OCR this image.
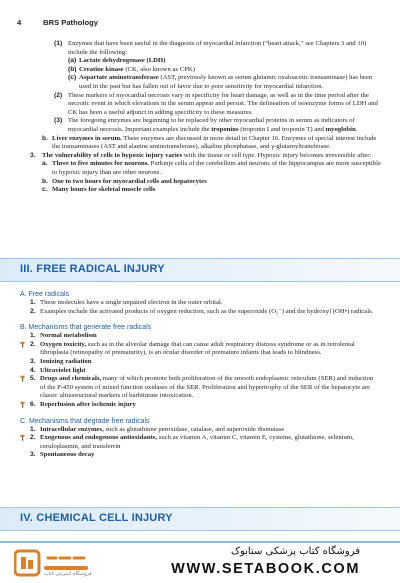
4	BRS Pathology
(1) Enzymes that have been useful in the diagnosis of myocardial infarction (“heart attack,” see Chapters 3 and 10) include the following:

(a) Lactate dehydrogenase (LDH)

(b) Creatine kinase (CK, also known as CPK)

(c) Aspartate aminotransferase (AST, previously known as serum glutamic oxaloacetic transaminase) has been used in the past but has fallen out of favor due to poor sensitivity for myocardial infarction.

(2) These markers of myocardial necrosis vary in specificity for heart damage, as well as in the time period after the necrotic event in which elevations in the serum appear and persist. The delineation of isoenzyme forms of LDH and CK has been a useful adjunct in adding specificity to these measures.

(3) The foregoing enzymes are beginning to be replaced by other myocardial proteins in serum as indicators of myocardial necrosis. Important examples include the troponins (troponin I and troponin T) and myoglobin.

b. Liver enzymes in serum. These enzymes are discussed in more detail in Chapter 16. Enzymes of special interest include the transaminases (AST and alanine aminotransferase), alkaline phosphatase, and γ-glutamyltransferase.

3. The vulnerability of cells to hypoxic injury varies with the tissue or cell type. Hypoxic injury becomes irreversible after:

a. Three to five minutes for neurons. Purkinje cells of the cerebellum and neurons of the hippocampus are more susceptible to hypoxic injury than are other neurons.

b. One to two hours for myocardial cells and hepatocytes

c. Many hours for skeletal muscle cells

III. FREE RADICAL INJURY
A. Free radicals
1. These molecules have a single unpaired electron in the outer orbital.

2. Examples include the activated products of oxygen reduction, such as the superoxide (O₂⁻) and the hydroxyl (OH•) radicals.

B. Mechanisms that generate free radicals
1. Normal metabolism

2. Oxygen toxicity, such as in the alveolar damage that can cause adult respiratory distress syndrome or as in retrolental fibroplasia (retinopathy of prematurity), is an ocular disorder of premature infants that leads to blindness.

3. Ionizing radiation

4. Ultraviolet light

5. Drugs and chemicals, many of which promote both proliferation of the smooth endoplasmic reticulum (SER) and induction of the P-450 system of mixed function oxidases of the SER. Proliferation and hypertrophy of the SER of the hepatocyte are classic ultrastructural markers of barbiturate intoxication.

6. Reperfusion after ischemic injury

C. Mechanisms that degrade free radicals
1. Intracellular enzymes, such as glutathione peroxidase, catalase, and superoxide dismutase

2. Exogenous and endogenous antioxidants, such as vitamin A, vitamin C, vitamin E, cysteine, glutathione, selenium, ceruloplasmin, and transferrin

3. Spontaneous decay

IV. CHEMICAL CELL INJURY
فروشگاه اینترنتی کتاب
فروشگاه کتاب پزشکی ستابوک
WWW.SETABOOK.COM
